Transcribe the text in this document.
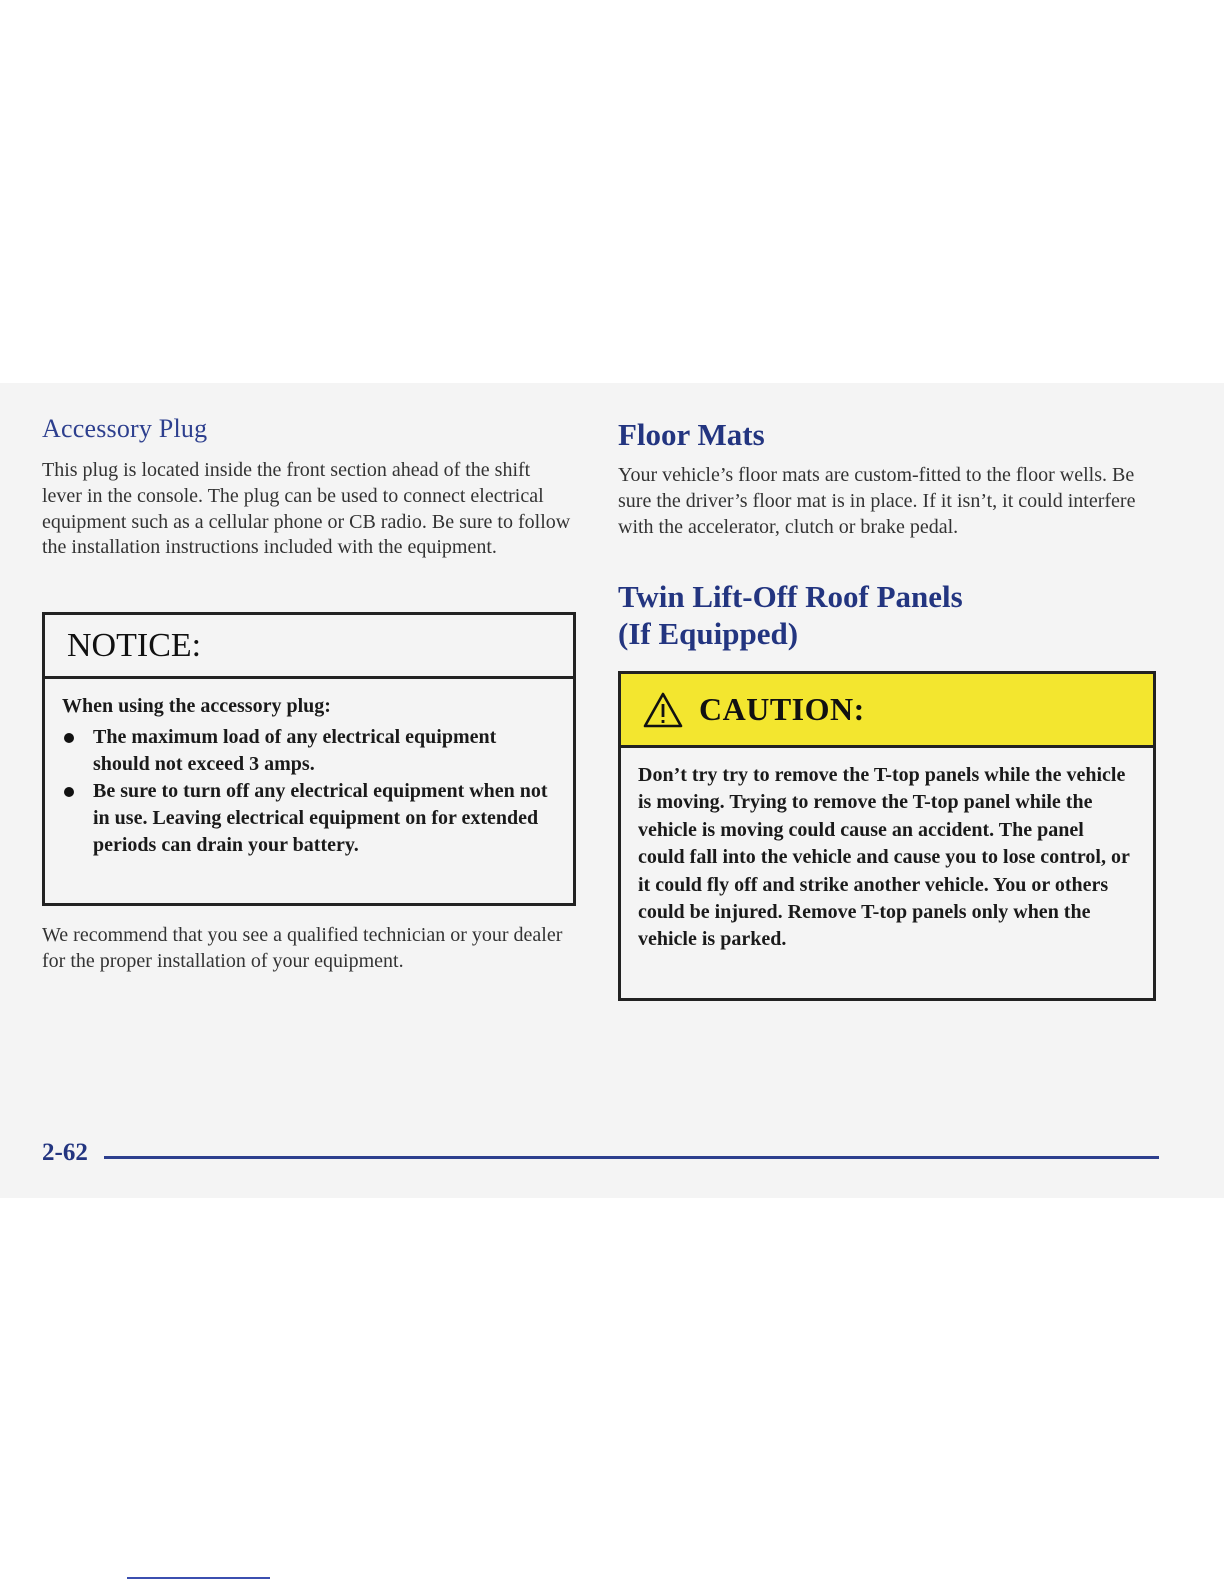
Accessory Plug

This plug is located inside the front section ahead of the shift lever in the console. The plug can be used to connect electrical equipment such as a cellular phone or CB radio. Be sure to follow the installation instructions included with the equipment.

NOTICE:
When using the accessory plug:
The maximum load of any electrical equipment should not exceed 3 amps.
Be sure to turn off any electrical equipment when not in use. Leaving electrical equipment on for extended periods can drain your battery.

We recommend that you see a qualified technician or your dealer for the proper installation of your equipment.

Floor Mats

Your vehicle’s floor mats are custom-fitted to the floor wells. Be sure the driver’s floor mat is in place. If it isn’t, it could interfere with the accelerator, clutch or brake pedal.

Twin Lift-Off Roof Panels
(If Equipped)
CAUTION:
Don’t try try to remove the T-top panels while the vehicle is moving. Trying to remove the T-top panel while the vehicle is moving could cause an accident. The panel could fall into the vehicle and cause you to lose control, or it could fly off and strike another vehicle. You or others could be injured. Remove T-top panels only when the vehicle is parked.
2-62
